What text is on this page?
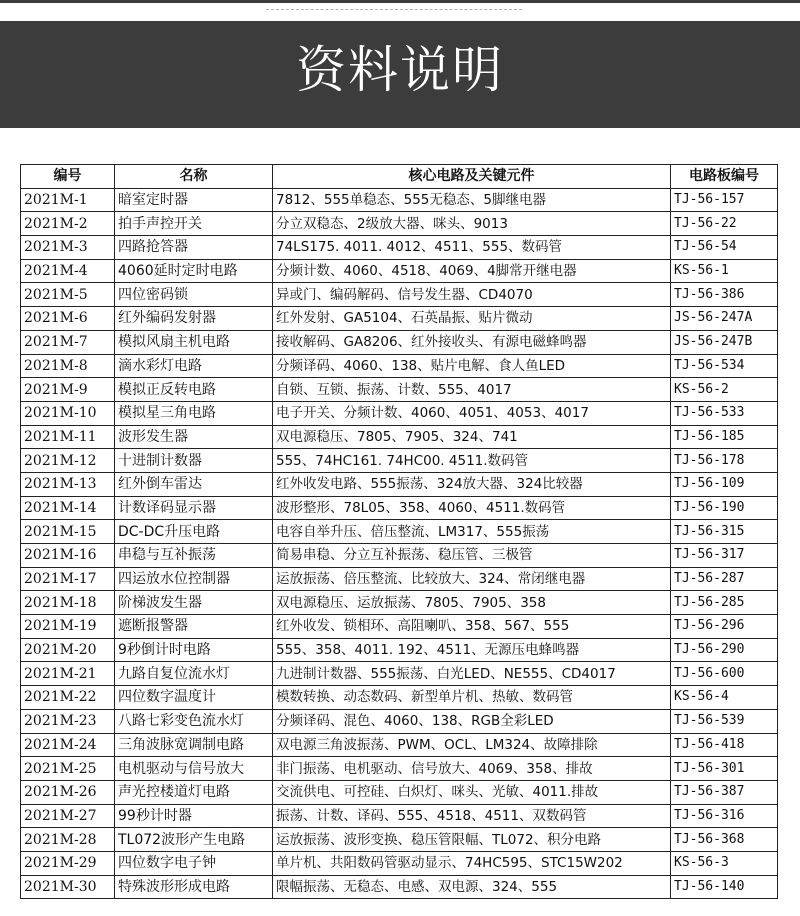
资料说明
编号	名称	核心电路及关键元件	电路板编号
2021M-1	暗室定时器	7812、555单稳态、555无稳态、5脚继电器	TJ-56-157
2021M-2	拍手声控开关	分立双稳态、2级放大器、咪头、9013	TJ-56-22
2021M-3	四路抢答器	74LS175. 4011. 4012、4511、555、数码管	TJ-56-54
2021M-4	4060延时定时电路	分频计数、4060、4518、4069、4脚常开继电器	KS-56-1
2021M-5	四位密码锁	异或门、编码解码、信号发生器、CD4070	TJ-56-386
2021M-6	红外编码发射器	红外发射、GA5104、石英晶振、贴片微动	JS-56-247A
2021M-7	模拟风扇主机电路	接收解码、GA8206、红外接收头、有源电磁蜂鸣器	JS-56-247B
2021M-8	滴水彩灯电路	分频译码、4060、138、贴片电解、食人鱼LED	TJ-56-534
2021M-9	模拟正反转电路	自锁、互锁、振荡、计数、555、4017	KS-56-2
2021M-10	模拟星三角电路	电子开关、分频计数、4060、4051、4053、4017	TJ-56-533
2021M-11	波形发生器	双电源稳压、7805、7905、324、741	TJ-56-185
2021M-12	十进制计数器	555、74HC161. 74HC00. 4511.数码管	TJ-56-178
2021M-13	红外倒车雷达	红外收发电路、555振荡、324放大器、324比较器	TJ-56-109
2021M-14	计数译码显示器	波形整形、78L05、358、4060、4511.数码管	TJ-56-190
2021M-15	DC-DC升压电路	电容自举升压、倍压整流、LM317、555振荡	TJ-56-315
2021M-16	串稳与互补振荡	简易串稳、分立互补振荡、稳压管、三极管	TJ-56-317
2021M-17	四运放水位控制器	运放振荡、倍压整流、比较放大、324、常闭继电器	TJ-56-287
2021M-18	阶梯波发生器	双电源稳压、运放振荡、7805、7905、358	TJ-56-285
2021M-19	遮断报警器	红外收发、锁相环、高阻喇叭、358、567、555	TJ-56-296
2021M-20	9秒倒计时电路	555、358、4011. 192、4511、无源压电蜂鸣器	TJ-56-290
2021M-21	九路自复位流水灯	九进制计数器、555振荡、白光LED、NE555、CD4017	TJ-56-600
2021M-22	四位数字温度计	模数转换、动态数码、新型单片机、热敏、数码管	KS-56-4
2021M-23	八路七彩变色流水灯	分频译码、混色、4060、138、RGB全彩LED	TJ-56-539
2021M-24	三角波脉宽调制电路	双电源三角波振荡、PWM、OCL、LM324、故障排除	TJ-56-418
2021M-25	电机驱动与信号放大	非门振荡、电机驱动、信号放大、4069、358、排故	TJ-56-301
2021M-26	声光控楼道灯电路	交流供电、可控硅、白炽灯、咪头、光敏、4011.排故	TJ-56-387
2021M-27	99秒计时器	振荡、计数、译码、555、4518、4511、双数码管	TJ-56-316
2021M-28	TL072波形产生电路	运放振荡、波形变换、稳压管限幅、TL072、积分电路	TJ-56-368
2021M-29	四位数字电子钟	单片机、共阳数码管驱动显示、74HC595、STC15W202	KS-56-3
2021M-30	特殊波形形成电路	限幅振荡、无稳态、电感、双电源、324、555	TJ-56-140
